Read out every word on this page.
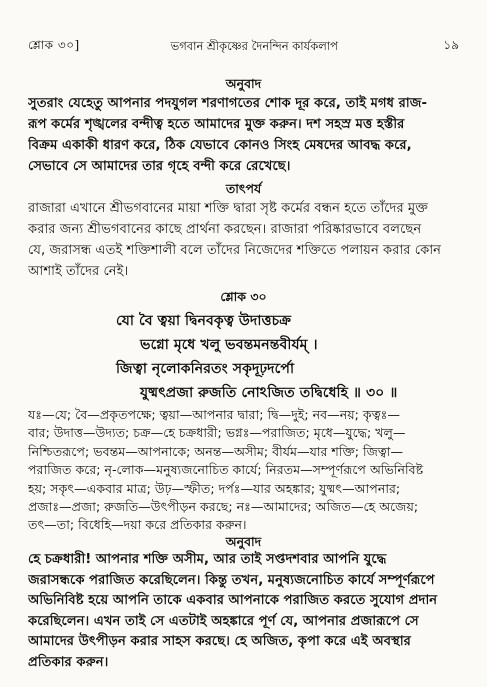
শ্লোক ৩০]	ভগবান শ্রীকৃষ্ণের দৈনন্দিন কার্যকলাপ	১৯
অনুবাদ
সুতরাং যেহেতু আপনার পদযুগল শরণাগতের শোক দূর করে, তাই মগধ রাজ-
রূপ কর্মের শৃঙ্খলের বন্দীত্ব হতে আমাদের মুক্ত করুন। দশ সহস্র মত্ত হস্তীর
বিক্রম একাকী ধারণ করে, ঠিক যেভাবে কোনও সিংহ মেষদের আবদ্ধ করে,
সেভাবে সে আমাদের তার গৃহে বন্দী করে রেখেছে।
তাৎপর্য
রাজারা এখানে শ্রীভগবানের মায়া শক্তি দ্বারা সৃষ্ট কর্মের বন্ধন হতে তাঁদের মুক্ত
করার জন্য শ্রীভগবানের কাছে প্রার্থনা করছেন। রাজারা পরিষ্কারভাবে বলছেন
যে, জরাসন্ধ এতই শক্তিশালী বলে তাঁদের নিজেদের শক্তিতে পলায়ন করার কোন
আশাই তাঁদের নেই।
শ্লোক ৩০
যো বৈ ত্বয়া দ্বিনবকৃত্ব উদাত্তচক্র
ভগ্নো মৃধে খলু ভবন্তমনন্তবীর্যম্ ।
জিত্বা নৃলোকনিরতং সকৃদূঢ়দর্পো
যুষ্মৎপ্রজা রুজতি নোঽজিত তদ্বিধেহি ॥ ৩০ ॥
যঃ—যে; বৈ—প্রকৃতপক্ষে; ত্বয়া—আপনার দ্বারা; দ্বি—দুই; নব—নয়; কৃত্বঃ—
বার; উদাত্ত—উদ্যত; চক্র—হে চক্রধারী; ভগ্নঃ—পরাজিত; মৃধে—যুদ্ধে; খলু—
নিশ্চিতরূপে; ভবন্তম—আপনাকে; অনন্ত—অসীম; বীর্যম—যার শক্তি; জিত্বা—
পরাজিত করে; নৃ-লোক—মনুষ্যজনোচিত কার্যে; নিরতম—সম্পূর্ণরূপে অভিনিবিষ্ট
হয়; সকৃৎ—একবার মাত্র; উঢ়—স্ফীত; দর্পঃ—যার অহঙ্কার; যুষ্মৎ—আপনার;
প্রজাঃ—প্রজা; রুজতি—উৎপীড়ন করছে; নঃ—আমাদের; অজিত—হে অজেয়;
তৎ—তা; বিধেহি—দয়া করে প্রতিকার করুন।
অনুবাদ
হে চক্রধারী! আপনার শক্তি অসীম, আর তাই সপ্তদশবার আপনি যুদ্ধে
জরাসন্ধকে পরাজিত করেছিলেন। কিন্তু তখন, মনুষ্যজনোচিত কার্যে সম্পূর্ণরূপে
অভিনিবিষ্ট হয়ে আপনি তাকে একবার আপনাকে পরাজিত করতে সুযোগ প্রদান
করেছিলেন। এখন তাই সে এতটাই অহঙ্কারে পূর্ণ যে, আপনার প্রজারূপে সে
আমাদের উৎপীড়ন করার সাহস করছে। হে অজিত, কৃপা করে এই অবস্থার
প্রতিকার করুন।
